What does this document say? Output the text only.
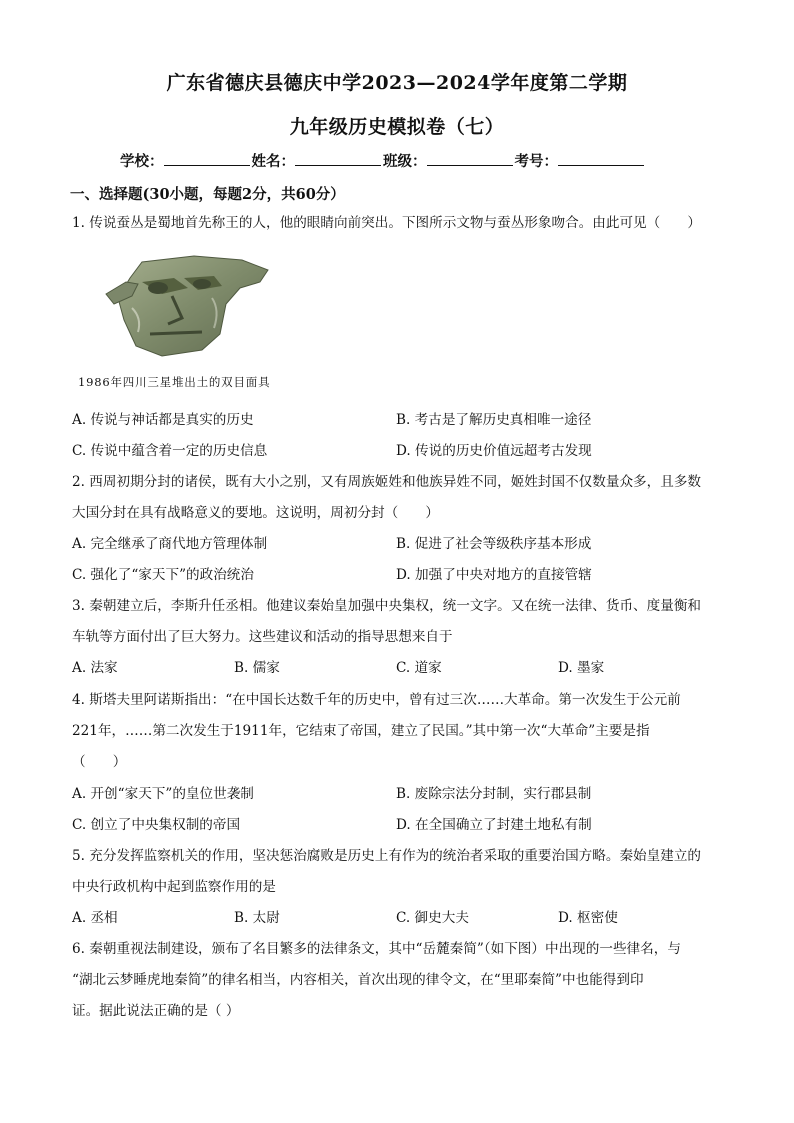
广东省德庆县德庆中学2023—2024学年度第二学期
九年级历史模拟卷（七）
学校：	姓名：	班级：	考号：
一、选择题(30小题，每题2分，共60分）
1. 传说蚕丛是蜀地首先称王的人，他的眼睛向前突出。下图所示文物与蚕丛形象吻合。由此可见（　　）
1986年四川三星堆出土的双目面具
A. 传说与神话都是真实的历史	B. 考古是了解历史真相唯一途径
C. 传说中蕴含着一定的历史信息	D. 传说的历史价值远超考古发现
2. 西周初期分封的诸侯，既有大小之别，又有周族姬姓和他族异姓不同，姬姓封国不仅数量众多，且多数
大国分封在具有战略意义的要地。这说明，周初分封（　　）
A. 完全继承了商代地方管理体制	B. 促进了社会等级秩序基本形成
C. 强化了“家天下”的政治统治	D. 加强了中央对地方的直接管辖
3. 秦朝建立后，李斯升任丞相。他建议秦始皇加强中央集权，统一文字。又在统一法律、货币、度量衡和
车轨等方面付出了巨大努力。这些建议和活动的指导思想来自于
A. 法家	B. 儒家	C. 道家	D. 墨家
4. 斯塔夫里阿诺斯指出：“在中国长达数千年的历史中，曾有过三次……大革命。第一次发生于公元前
221年，……第二次发生于1911年，它结束了帝国，建立了民国。”其中第一次“大革命”主要是指
（　　）
A. 开创“家天下”的皇位世袭制	B. 废除宗法分封制，实行郡县制
C. 创立了中央集权制的帝国	D. 在全国确立了封建土地私有制
5. 充分发挥监察机关的作用，坚决惩治腐败是历史上有作为的统治者采取的重要治国方略。秦始皇建立的
中央行政机构中起到监察作用的是
A. 丞相	B. 太尉	C. 御史大夫	D. 枢密使
6. 秦朝重视法制建设，颁布了名目繁多的法律条文，其中“岳麓秦简”（如下图）中出现的一些律名，与
“湖北云梦睡虎地秦简”的律名相当，内容相关，首次出现的律令文，在“里耶秦简”中也能得到印
证。据此说法正确的是（ ）
